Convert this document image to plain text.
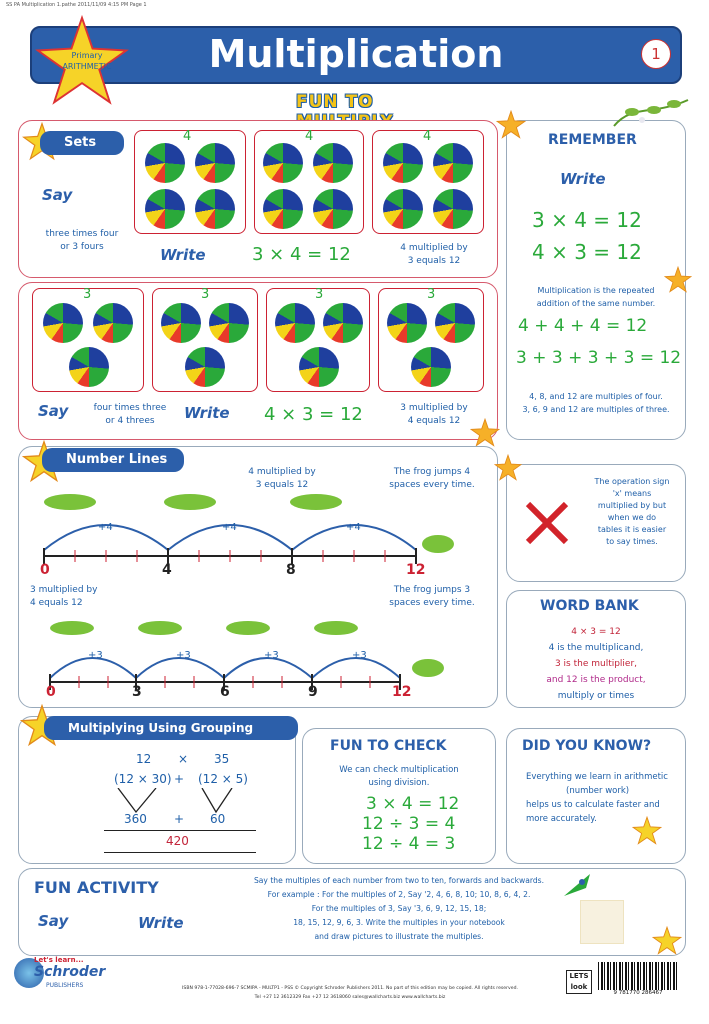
SS PA Multiplication 1.pathe 2011/11/09 4:15 PM Page 1
Multiplication	1
Primary
ARITHMETIC
FUN TO
Sets
Say
three times four
or 3 fours
4	4	4
Write	3 × 4 = 12	4 multiplied by
3 equals 12
3	3	3	3
Say	four times three
or 4 threes	Write 4 × 3 = 12	3 multiplied by
4 equals 12
REMEMBER
Write
3 × 4 = 12
4 × 3 = 12
Multiplication is the repeated
addition of the same number.
4 + 4 + 4 = 12
3 + 3 + 3 + 3 = 12
4, 8, and 12 are multiples of four.
3, 6, 9 and 12 are multiples of three.
Number Lines
4 multiplied by
3 equals 12
The frog jumps 4
spaces every time.
+4	+4	+4
0	4	8	12
3 multiplied by
4 equals 12
The frog jumps 3
spaces every time.
+3	+3	+3	+3
0	3	6	9	12
The operation sign
'x' means
multiplied by but
when we do
tables it is easier
to say times.
WORD BANK
4 × 3 = 12
4 is the multiplicand,
3 is the multiplier,
and 12 is the product,
multiply or times
Multiplying Using Grouping
12 × 35
(12 × 30) + (12 × 5)
360 + 60
420
FUN TO CHECK
We can check multiplication
using division.
3 × 4 = 12
12 ÷ 3 = 4
12 ÷ 4 = 3
DID YOU KNOW?
Everything we learn in arithmetic
(number work)
helps us to calculate faster and
more accurately.
FUN ACTIVITY
Say	Write
Say the multiples of each number from two to ten, forwards and backwards.
For example : For the multiples of 2, Say '2, 4, 6, 8, 10; 10, 8, 6, 4, 2.
For the multiples of 3, Say '3, 6, 9, 12, 15, 18;
18, 15, 12, 9, 6, 3. Write the multiples in your notebook
and draw pictures to illustrate the multiples.
Let's learn...
Schroder
PUBLISHERS	ISBN 978-1-77028-696-7 SCMIPA - MULTP1 - PSS © Copyright Schroder Publishers 2011. No part of this edition may be copied. All rights reserved.
Tel +27 12 3612329 Fax +27 12 3618060 sales@wallcharts.biz www.wallcharts.biz
LETS
look
9 781770 286467
